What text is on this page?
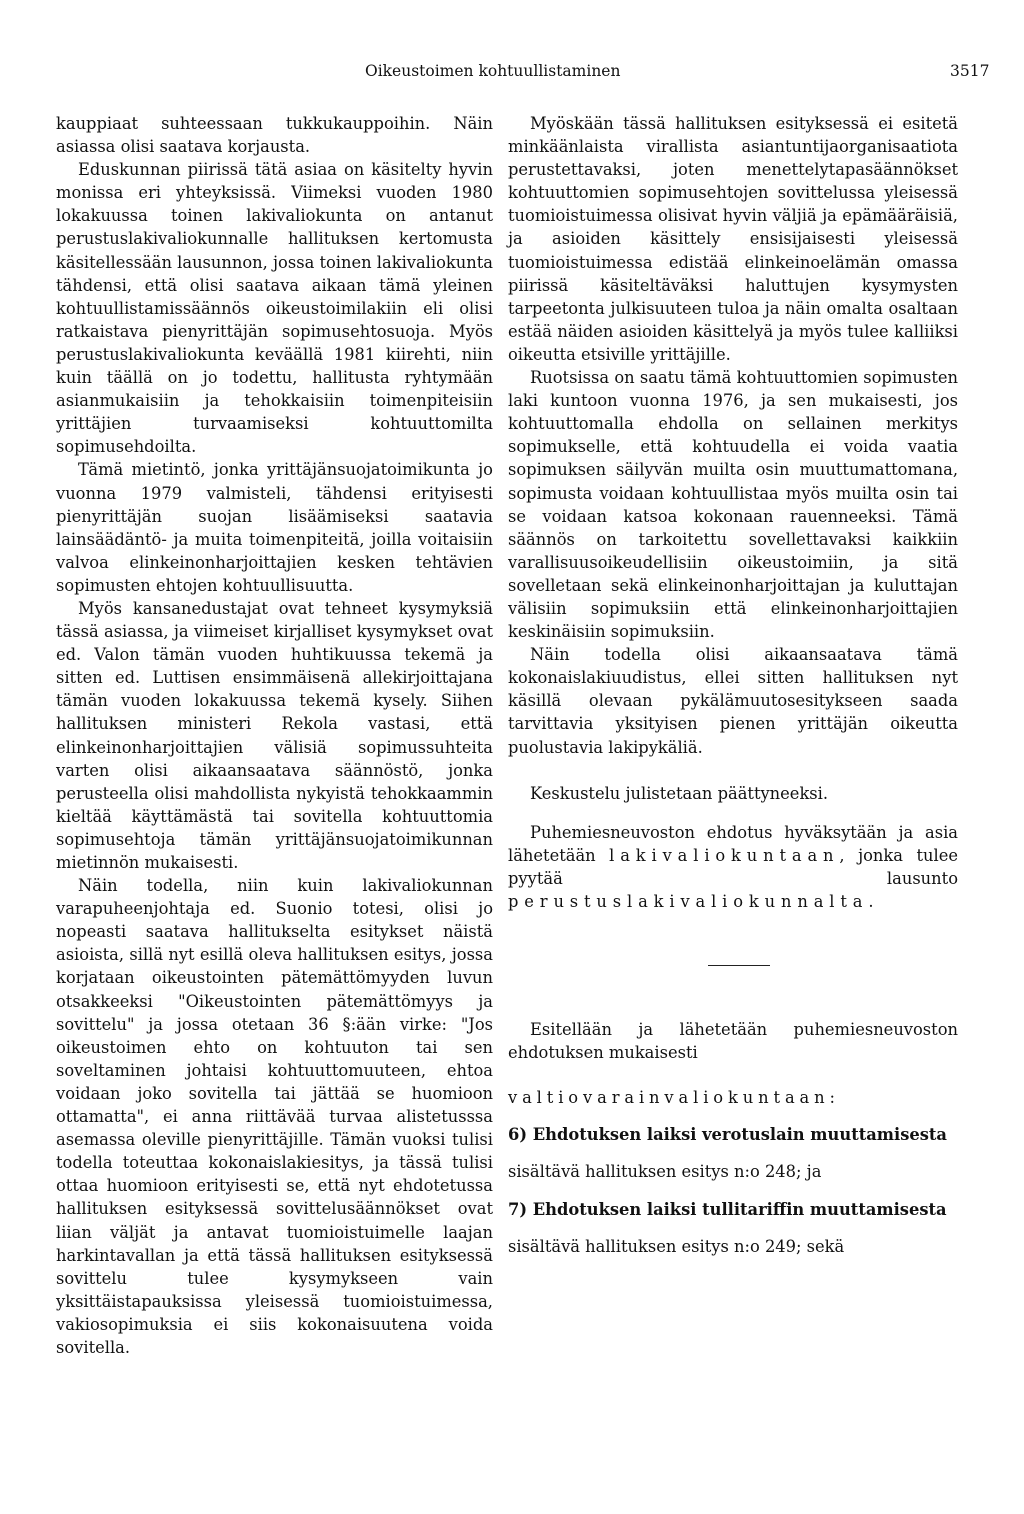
Oikeustoimen kohtuullistaminen	3517

kauppiaat suhteessaan tukkukauppoihin. Näin asiassa olisi saatava korjausta.

Eduskunnan piirissä tätä asiaa on käsitelty hyvin monissa eri yhteyksissä. Viimeksi vuoden 1980 lokakuussa toinen lakivaliokunta on antanut perustuslakivaliokunnalle hallituksen kertomusta käsitellessään lausunnon, jossa toinen lakivaliokunta tähdensi, että olisi saatava aikaan tämä yleinen kohtuullistamissäännös oikeustoimilakiin eli olisi ratkaistava pienyrittäjän sopimusehtosuoja. Myös perustuslakivaliokunta keväällä 1981 kiirehti, niin kuin täällä on jo todettu, hallitusta ryhtymään asianmukaisiin ja tehokkaisiin toimenpiteisiin yrittäjien turvaamiseksi kohtuuttomilta sopimusehdoilta.

Tämä mietintö, jonka yrittäjänsuojatoimikunta jo vuonna 1979 valmisteli, tähdensi erityisesti pienyrittäjän suojan lisäämiseksi saatavia lainsäädäntö- ja muita toimenpiteitä, joilla voitaisiin valvoa elinkeinonharjoittajien kesken tehtävien sopimusten ehtojen kohtuullisuutta.

Myös kansanedustajat ovat tehneet kysymyksiä tässä asiassa, ja viimeiset kirjalliset kysymykset ovat ed. Valon tämän vuoden huhtikuussa tekemä ja sitten ed. Luttisen ensimmäisenä allekirjoittajana tämän vuoden lokakuussa tekemä kysely. Siihen hallituksen ministeri Rekola vastasi, että elinkeinonharjoittajien välisiä sopimussuhteita varten olisi aikaansaatava säännöstö, jonka perusteella olisi mahdollista nykyistä tehokkaammin kieltää käyttämästä tai sovitella kohtuuttomia sopimusehtoja tämän yrittäjänsuojatoimikunnan mietinnön mukaisesti.

Näin todella, niin kuin lakivaliokunnan varapuheenjohtaja ed. Suonio totesi, olisi jo nopeasti saatava hallitukselta esitykset näistä asioista, sillä nyt esillä oleva hallituksen esitys, jossa korjataan oikeustointen pätemättömyyden luvun otsakkeeksi "Oikeustointen pätemättömyys ja sovittelu" ja jossa otetaan 36 §:ään virke: "Jos oikeustoimen ehto on kohtuuton tai sen soveltaminen johtaisi kohtuuttomuuteen, ehtoa voidaan joko sovitella tai jättää se huomioon ottamatta", ei anna riittävää turvaa alistetusssa asemassa oleville pienyrittäjille. Tämän vuoksi tulisi todella toteuttaa kokonaislakiesitys, ja tässä tulisi ottaa huomioon erityisesti se, että nyt ehdotetussa hallituksen esityksessä sovittelusäännökset ovat liian väljät ja antavat tuomioistuimelle laajan harkintavallan ja että tässä hallituksen esityksessä sovittelu tulee kysymykseen vain yksittäistapauksissa yleisessä tuomioistuimessa, vakiosopimuksia ei siis kokonaisuutena voida sovitella.

Myöskään tässä hallituksen esityksessä ei esitetä minkäänlaista virallista asiantuntijaorganisaatiota perustettavaksi, joten menettelytapasäännökset kohtuuttomien sopimusehtojen sovittelussa yleisessä tuomioistuimessa olisivat hyvin väljiä ja epämääräisiä, ja asioiden käsittely ensisijaisesti yleisessä tuomioistuimessa edistää elinkeinoelämän omassa piirissä käsiteltäväksi haluttujen kysymysten tarpeetonta julkisuuteen tuloa ja näin omalta osaltaan estää näiden asioiden käsittelyä ja myös tulee kalliiksi oikeutta etsiville yrittäjille.

Ruotsissa on saatu tämä kohtuuttomien sopimusten laki kuntoon vuonna 1976, ja sen mukaisesti, jos kohtuuttomalla ehdolla on sellainen merkitys sopimukselle, että kohtuudella ei voida vaatia sopimuksen säilyvän muilta osin muuttumattomana, sopimusta voidaan kohtuullistaa myös muilta osin tai se voidaan katsoa kokonaan rauenneeksi. Tämä säännös on tarkoitettu sovellettavaksi kaikkiin varallisuusoikeudellisiin oikeustoimiin, ja sitä sovelletaan sekä elinkeinonharjoittajan ja kuluttajan välisiin sopimuksiin että elinkeinonharjoittajien keskinäisiin sopimuksiin.

Näin todella olisi aikaansaatava tämä kokonaislakiuudistus, ellei sitten hallituksen nyt käsillä olevaan pykälämuutosesitykseen saada tarvittavia yksityisen pienen yrittäjän oikeutta puolustavia lakipykäliä.

Keskustelu julistetaan päättyneeksi.

Puhemiesneuvoston ehdotus hyväksytään ja asia lähetetään lakivaliokuntaan, jonka tulee pyytää lausunto perustuslakivaliokunnalta.

Esitellään ja lähetetään puhemiesneuvoston ehdotuksen mukaisesti

valtiovarainvaliokuntaan:

6) Ehdotuksen laiksi verotuslain muuttamisesta

sisältävä hallituksen esitys n:o 248; ja

7) Ehdotuksen laiksi tullitariffin muuttamisesta

sisältävä hallituksen esitys n:o 249; sekä
